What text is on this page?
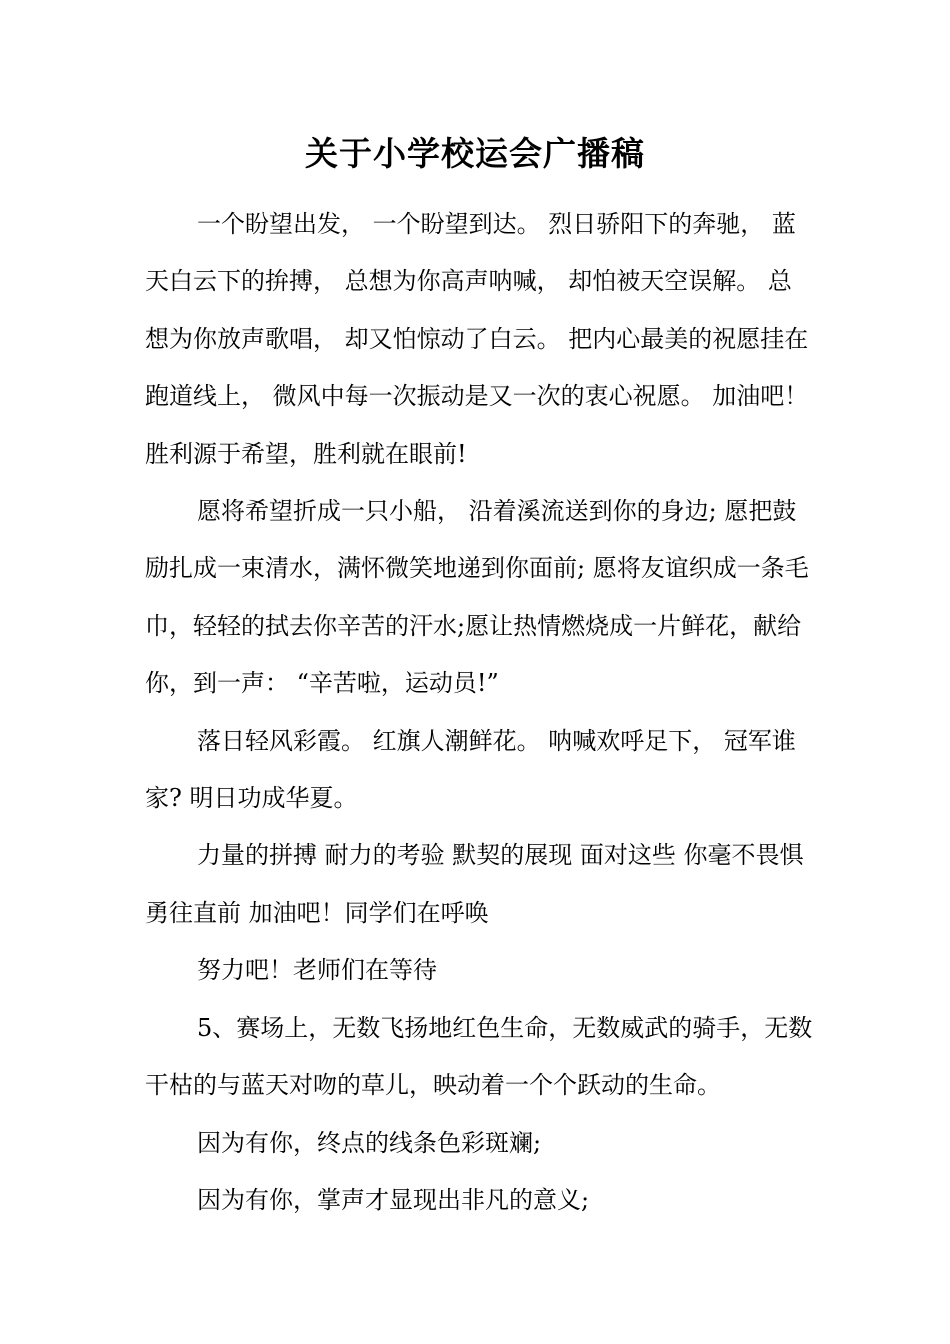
关于小学校运会广播稿

一个盼望出发， 一个盼望到达。 烈日骄阳下的奔驰， 蓝天白云下的拚搏， 总想为你高声呐喊， 却怕被天空误解。 总想为你放声歌唱， 却又怕惊动了白云。 把内心最美的祝愿挂在跑道线上， 微风中每一次振动是又一次的衷心祝愿。 加油吧！胜利源于希望，胜利就在眼前!

愿将希望折成一只小船， 沿着溪流送到你的身边; 愿把鼓励扎成一束清水，满怀微笑地递到你面前; 愿将友谊织成一条毛巾，轻轻的拭去你辛苦的汗水;愿让热情燃烧成一片鲜花，献给你，到一声： “辛苦啦，运动员!”

落日轻风彩霞。 红旗人潮鲜花。 呐喊欢呼足下， 冠军谁家? 明日功成华夏。

力量的拼搏 耐力的考验 默契的展现 面对这些 你毫不畏惧 勇往直前 加油吧！同学们在呼唤

努力吧！老师们在等待

5、赛场上，无数飞扬地红色生命，无数威武的骑手，无数干枯的与蓝天对吻的草儿，映动着一个个跃动的生命。

因为有你，终点的线条色彩斑斓;

因为有你，掌声才显现出非凡的意义;
